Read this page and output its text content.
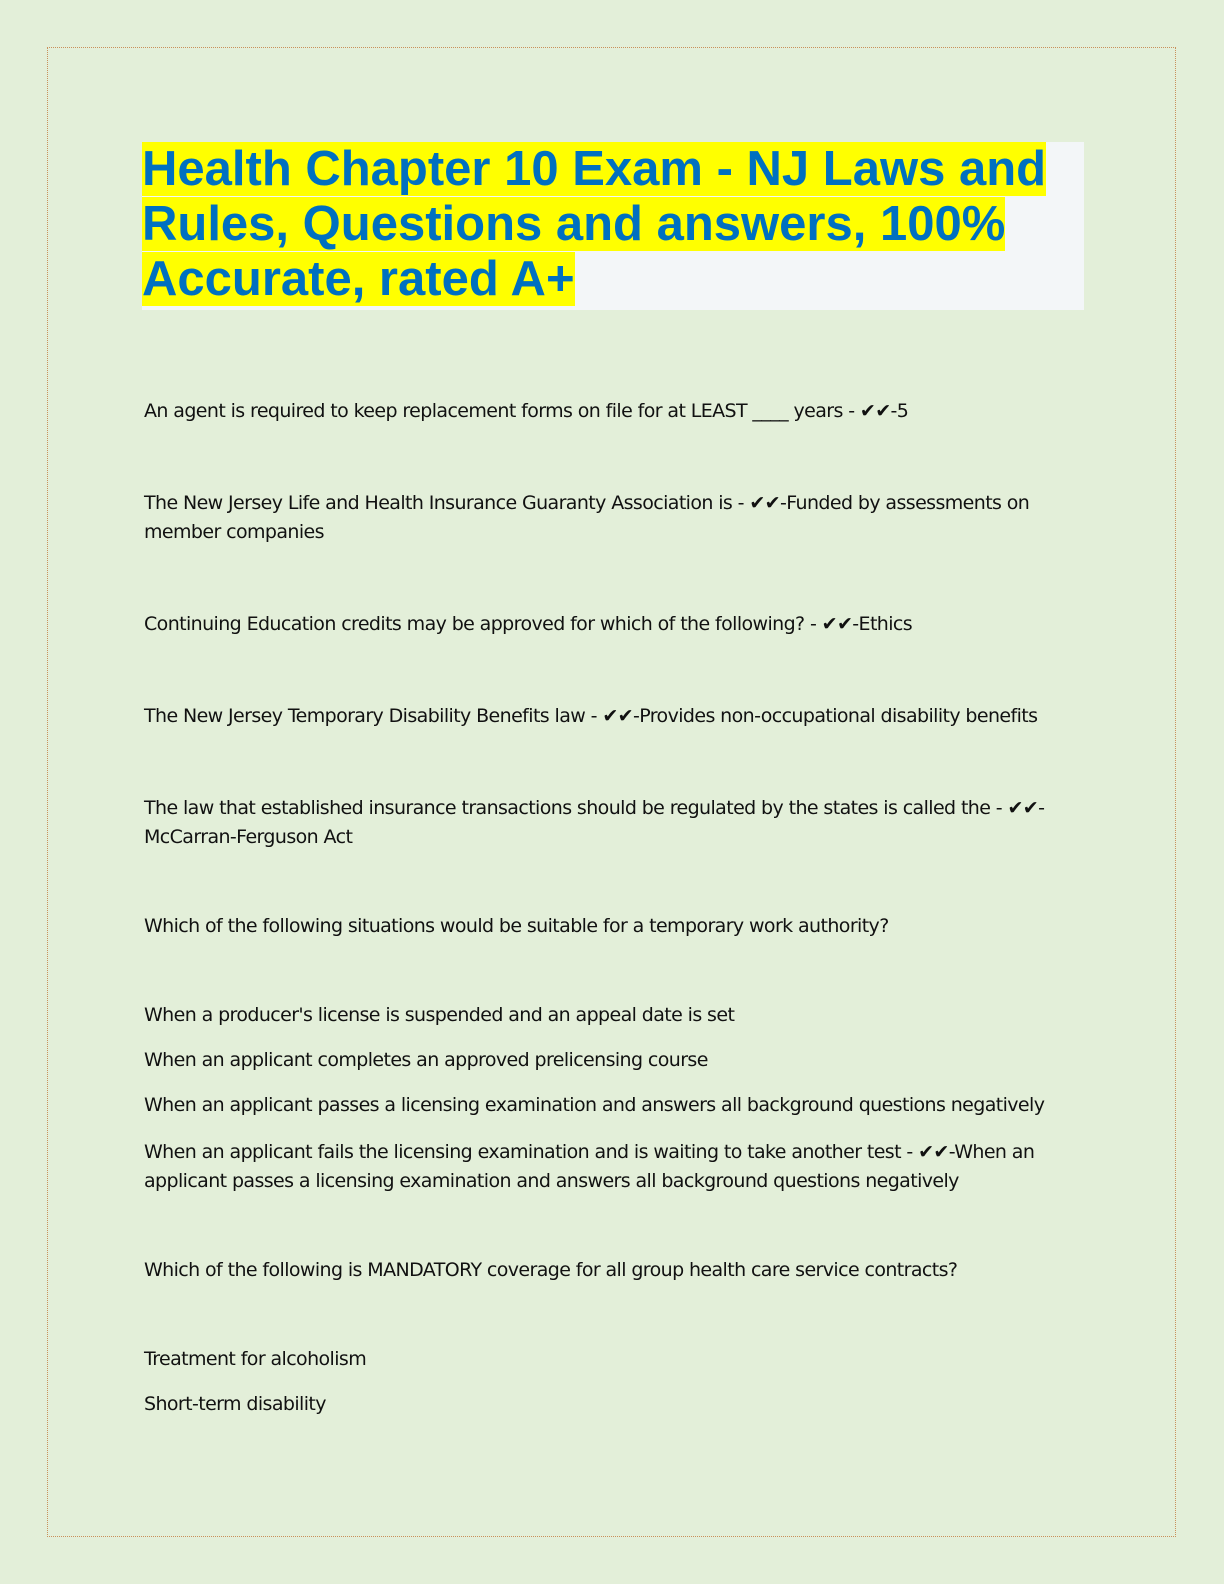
Health Chapter 10 Exam - NJ Laws and Rules, Questions and answers, 100% Accurate, rated A+

An agent is required to keep replacement forms on file for at LEAST ____ years - ✔✔-5

The New Jersey Life and Health Insurance Guaranty Association is - ✔✔-Funded by assessments on member companies

Continuing Education credits may be approved for which of the following? - ✔✔-Ethics

The New Jersey Temporary Disability Benefits law - ✔✔-Provides non-occupational disability benefits

The law that established insurance transactions should be regulated by the states is called the - ✔✔-McCarran-Ferguson Act

Which of the following situations would be suitable for a temporary work authority?

When a producer's license is suspended and an appeal date is set

When an applicant completes an approved prelicensing course

When an applicant passes a licensing examination and answers all background questions negatively

When an applicant fails the licensing examination and is waiting to take another test - ✔✔-When an applicant passes a licensing examination and answers all background questions negatively

Which of the following is MANDATORY coverage for all group health care service contracts?

Treatment for alcoholism

Short-term disability
